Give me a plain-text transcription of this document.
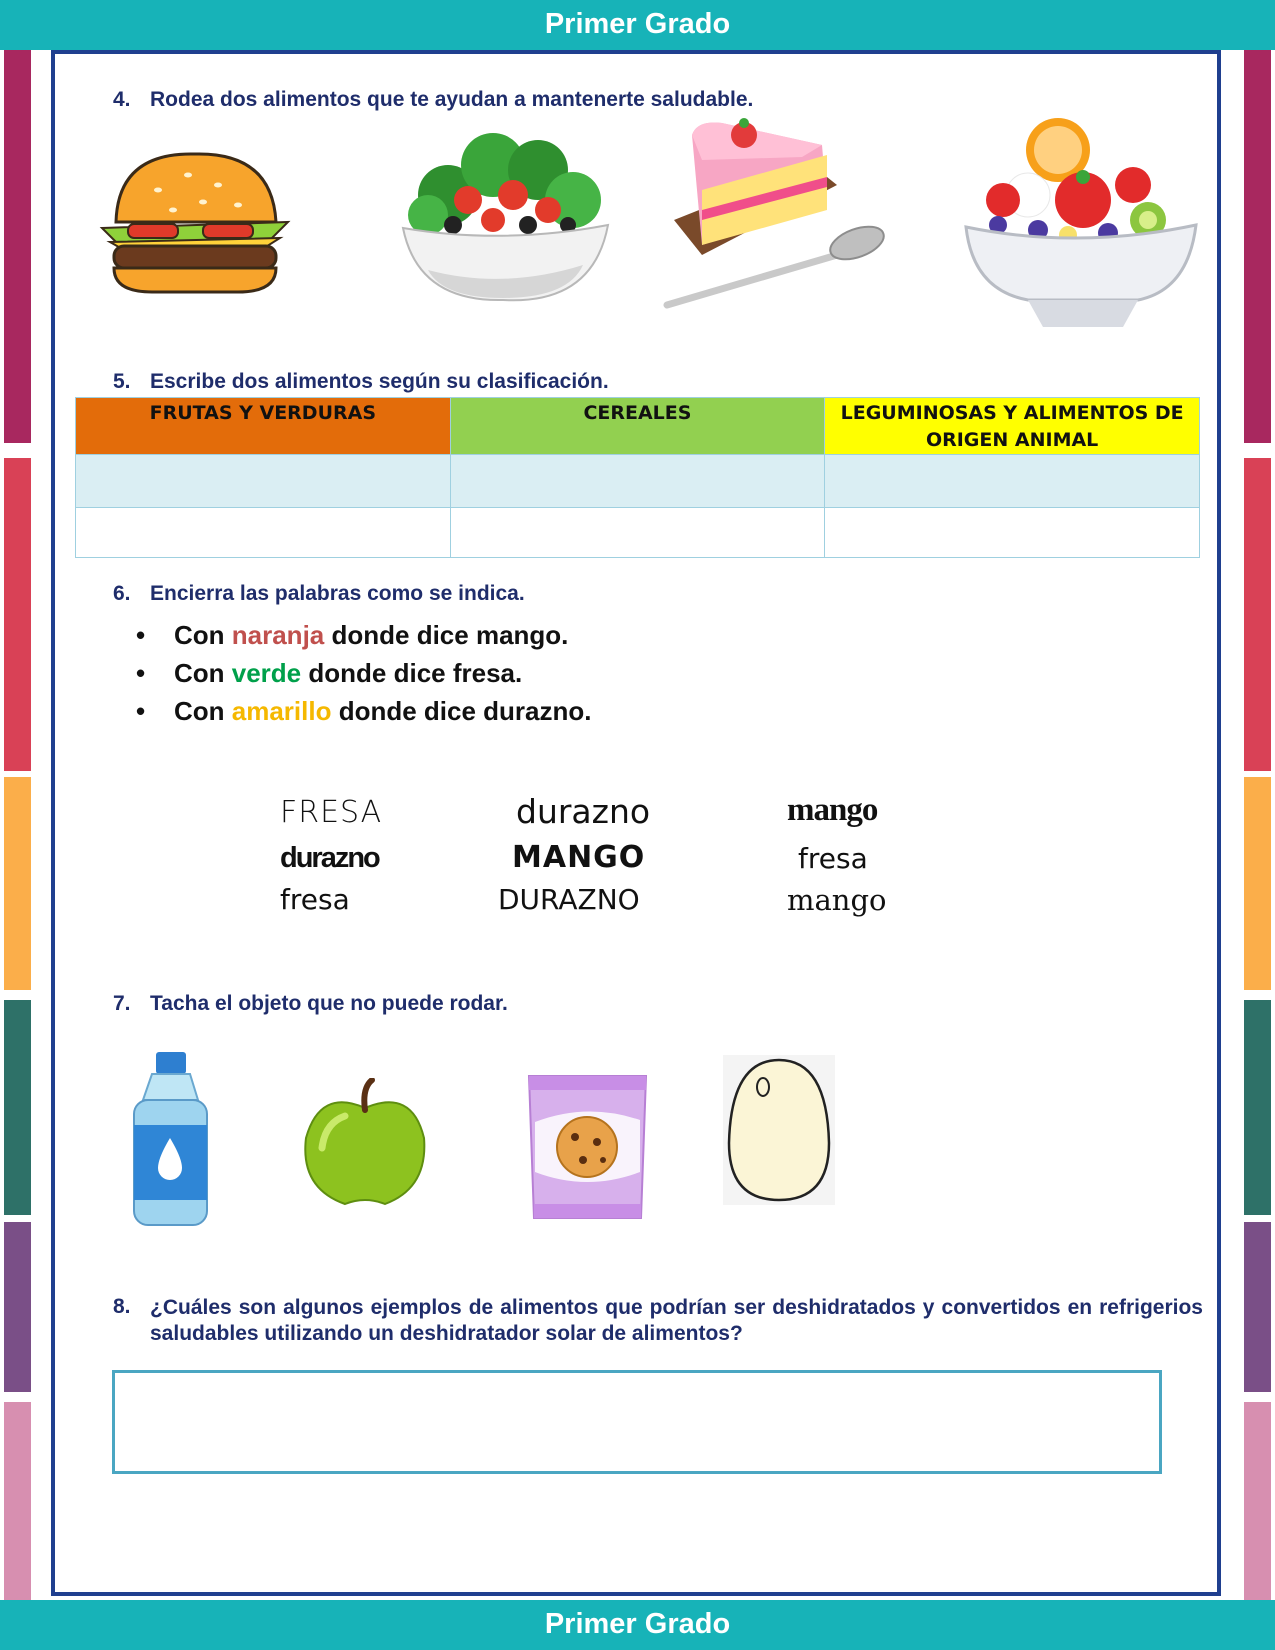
Primer Grado
4. Rodea dos alimentos que te ayudan a mantenerte saludable.
5. Escribe dos alimentos según su clasificación.
FRUTAS Y VERDURAS	CEREALES	LEGUMINOSAS Y ALIMENTOS DE ORIGEN ANIMAL

6. Encierra las palabras como se indica.
• Con naranja donde dice mango.
• Con verde donde dice fresa.
• Con amarillo donde dice durazno.
FRESA	durazno	mango
durazno	MANGO	fresa
fresa	DURAZNO	mango
7. Tacha el objeto que no puede rodar.
8. ¿Cuáles son algunos ejemplos de alimentos que podrían ser deshidratados y convertidos en refrigerios saludables utilizando un deshidratador solar de alimentos?
Primer Grado
